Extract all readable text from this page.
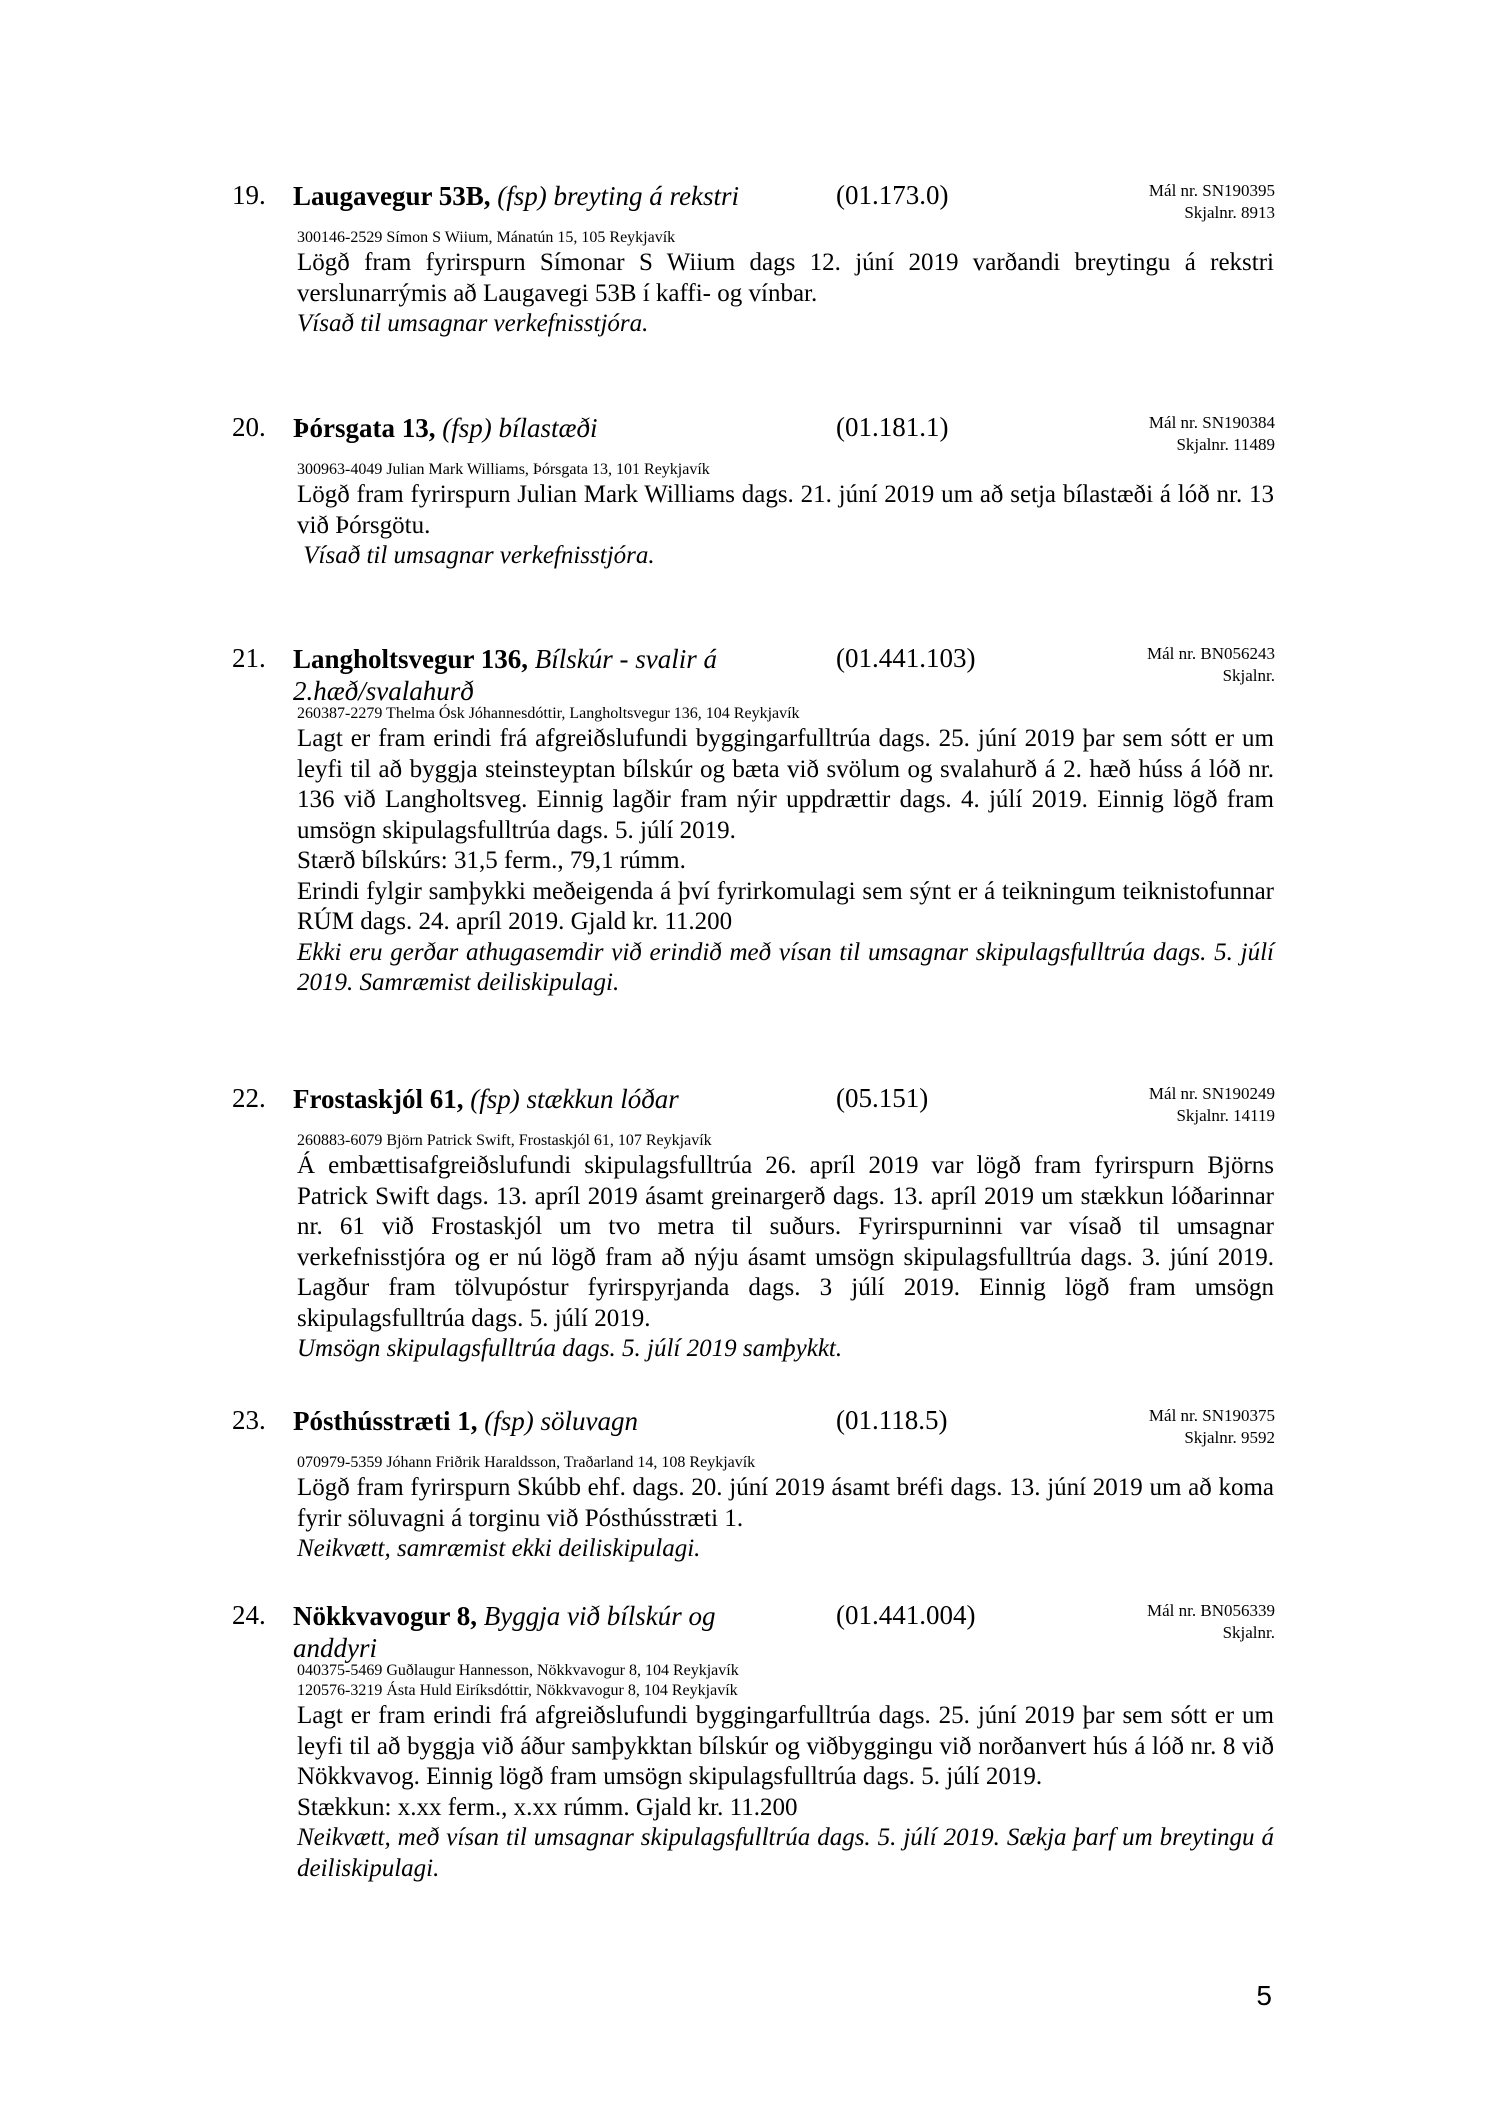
19. Laugavegur 53B, (fsp) breyting á rekstri	(01.173.0)	Mál nr. SN190395
Skjalnr. 8913
300146-2529 Símon S Wiium, Mánatún 15, 105 Reykjavík
Lögð fram fyrirspurn Símonar S Wiium dags 12. júní 2019 varðandi breytingu á rekstri verslunarrýmis að Laugavegi 53B í kaffi- og vínbar.
Vísað til umsagnar verkefnisstjóra.
20. Þórsgata 13, (fsp) bílastæði	(01.181.1)	Mál nr. SN190384
Skjalnr. 11489
300963-4049 Julian Mark Williams, Þórsgata 13, 101 Reykjavík
Lögð fram fyrirspurn Julian Mark Williams dags. 21. júní 2019 um að setja bílastæði á lóð nr. 13 við Þórsgötu.
Vísað til umsagnar verkefnisstjóra.
21. Langholtsvegur 136, Bílskúr - svalir á 2.hæð/svalahurð
(01.441.103)	Mál nr. BN056243
Skjalnr.
260387-2279 Thelma Ósk Jóhannesdóttir, Langholtsvegur 136, 104 Reykjavík
Lagt er fram erindi frá afgreiðslufundi byggingarfulltrúa dags. 25. júní 2019 þar sem sótt er um leyfi til að byggja steinsteyptan bílskúr og bæta við svölum og svalahurð á 2. hæð húss á lóð nr. 136 við Langholtsveg. Einnig lagðir fram nýir uppdrættir dags. 4. júlí 2019. Einnig lögð fram umsögn skipulagsfulltrúa dags. 5. júlí 2019.
Stærð bílskúrs: 31,5 ferm., 79,1 rúmm.
Erindi fylgir samþykki meðeigenda á því fyrirkomulagi sem sýnt er á teikningum teiknistofunnar RÚM dags. 24. apríl 2019. Gjald kr. 11.200
Ekki eru gerðar athugasemdir við erindið með vísan til umsagnar skipulagsfulltrúa dags. 5. júlí 2019. Samræmist deiliskipulagi.
22. Frostaskjól 61, (fsp) stækkun lóðar	(05.151)	Mál nr. SN190249
Skjalnr. 14119
260883-6079 Björn Patrick Swift, Frostaskjól 61, 107 Reykjavík
Á embættisafgreiðslufundi skipulagsfulltrúa 26. apríl 2019 var lögð fram fyrirspurn Björns Patrick Swift dags. 13. apríl 2019 ásamt greinargerð dags. 13. apríl 2019 um stækkun lóðarinnar nr. 61 við Frostaskjól um tvo metra til suðurs. Fyrirspurninni var vísað til umsagnar verkefnisstjóra og er nú lögð fram að nýju ásamt umsögn skipulagsfulltrúa dags. 3. júní 2019. Lagður fram tölvupóstur fyrirspyrjanda dags. 3 júlí 2019. Einnig lögð fram umsögn skipulagsfulltrúa dags. 5. júlí 2019.
Umsögn skipulagsfulltrúa dags. 5. júlí 2019 samþykkt.
23. Pósthússtræti 1, (fsp) söluvagn	(01.118.5)	Mál nr. SN190375
Skjalnr. 9592
070979-5359 Jóhann Friðrik Haraldsson, Traðarland 14, 108 Reykjavík
Lögð fram fyrirspurn Skúbb ehf. dags. 20. júní 2019 ásamt bréfi dags. 13. júní 2019 um að koma fyrir söluvagni á torginu við Pósthússtræti 1.
Neikvætt, samræmist ekki deiliskipulagi.
24. Nökkvavogur 8, Byggja við bílskúr og anddyri
(01.441.004)	Mál nr. BN056339
Skjalnr.
040375-5469 Guðlaugur Hannesson, Nökkvavogur 8, 104 Reykjavík
120576-3219 Ásta Huld Eiríksdóttir, Nökkvavogur 8, 104 Reykjavík
Lagt er fram erindi frá afgreiðslufundi byggingarfulltrúa dags. 25. júní 2019 þar sem sótt er um leyfi til að byggja við áður samþykktan bílskúr og viðbyggingu við norðanvert hús á lóð nr. 8 við Nökkvavog. Einnig lögð fram umsögn skipulagsfulltrúa dags. 5. júlí 2019.
Stækkun: x.xx ferm., x.xx rúmm. Gjald kr. 11.200
Neikvætt, með vísan til umsagnar skipulagsfulltrúa dags. 5. júlí 2019. Sækja þarf um breytingu á deiliskipulagi.
5
